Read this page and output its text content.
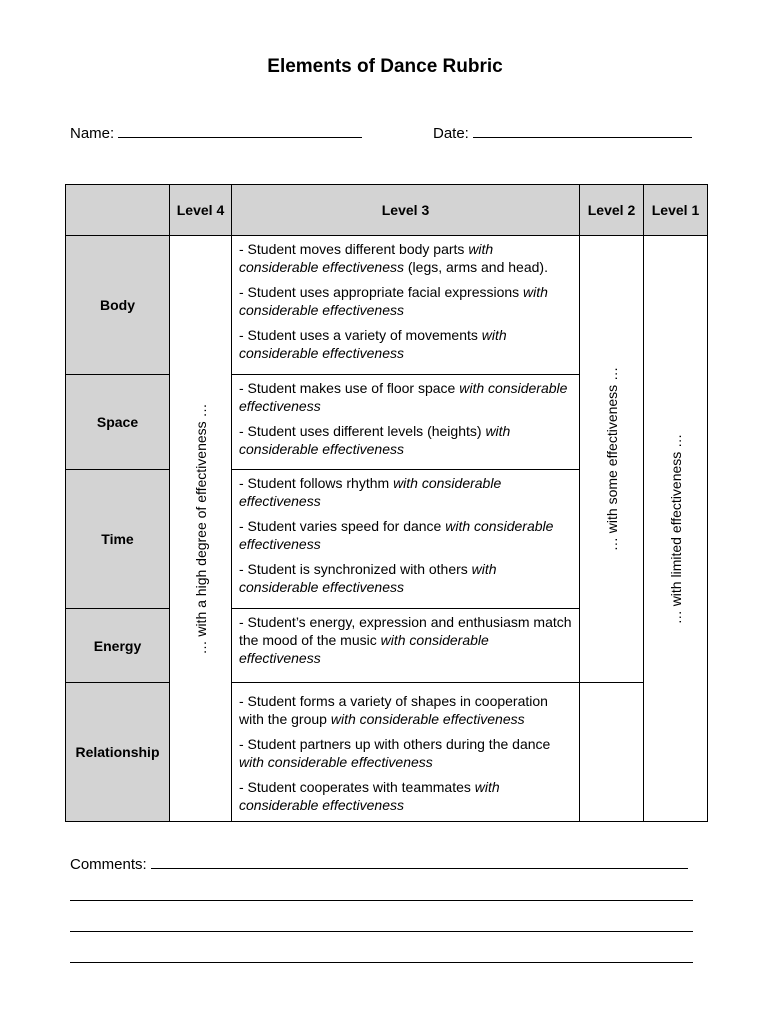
Elements of Dance Rubric
Name:	Date:
	Level 4	Level 3	Level 2	Level 1
Body	… with a high degree of effectiveness …	- Student moves different body parts with considerable effectiveness (legs, arms and head).

- Student uses appropriate facial expressions with considerable effectiveness

- Student uses a variety of movements with considerable effectiveness	… with some effectiveness …	… with limited effectiveness …

Space		- Student makes use of floor space with considerable effectiveness

- Student uses different levels (heights) with considerable effectiveness		

Time		- Student follows rhythm with considerable effectiveness

- Student varies speed for dance with considerable effectiveness

- Student is synchronized with others with considerable effectiveness		

Energy		- Student’s energy, expression and enthusiasm match the mood of the music with considerable effectiveness		

Relationship		- Student forms a variety of shapes in cooperation with the group with considerable effectiveness

- Student partners up with others during the dance with considerable effectiveness

- Student cooperates with teammates with considerable effectiveness		

Comments:
